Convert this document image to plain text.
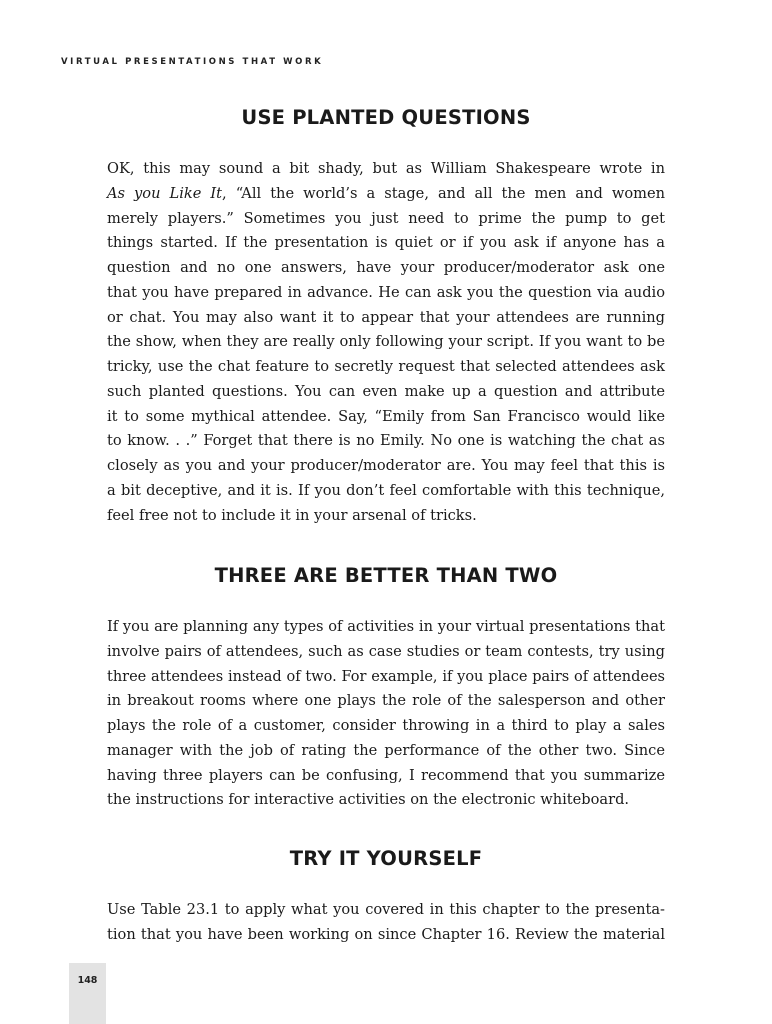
VIRTUAL PRESENTATIONS THAT WORK
USE PLANTED QUESTIONS
OK, this may sound a bit shady, but as William Shakespeare wrote in
As you Like It, “All the world’s a stage, and all the men and women
merely players.” Sometimes you just need to prime the pump to get
things started. If the presentation is quiet or if you ask if anyone has a
question and no one answers, have your producer/moderator ask one
that you have prepared in advance. He can ask you the question via audio
or chat. You may also want it to appear that your attendees are running
the show, when they are really only following your script. If you want to be
tricky, use the chat feature to secretly request that selected attendees ask
such planted questions. You can even make up a question and attribute
it to some mythical attendee. Say, “Emily from San Francisco would like
to know. . .” Forget that there is no Emily. No one is watching the chat as
closely as you and your producer/moderator are. You may feel that this is
a bit deceptive, and it is. If you don’t feel comfortable with this technique,
feel free not to include it in your arsenal of tricks.
THREE ARE BETTER THAN TWO
If you are planning any types of activities in your virtual presentations that
involve pairs of attendees, such as case studies or team contests, try using
three attendees instead of two. For example, if you place pairs of attendees
in breakout rooms where one plays the role of the salesperson and other
plays the role of a customer, consider throwing in a third to play a sales
manager with the job of rating the performance of the other two. Since
having three players can be confusing, I recommend that you summarize
the instructions for interactive activities on the electronic whiteboard.
TRY IT YOURSELF
Use Table 23.1 to apply what you covered in this chapter to the presenta-
tion that you have been working on since Chapter 16. Review the material
148
